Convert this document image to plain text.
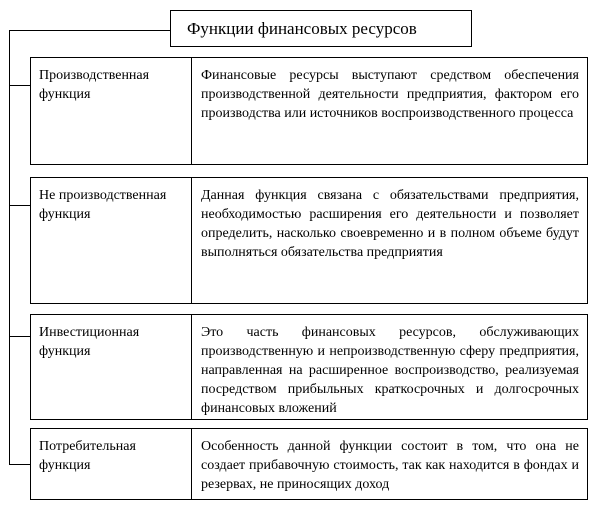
Функции финансовых ресурсов
Производственная функция
Финансовые ресурсы выступают средством обеспечения производственной деятельности предприятия, фактором его производства или источников воспроизводственного процесса
Не производственная функция
Данная функция связана с обязательствами предприятия, необходимостью расширения его деятельности и позволяет определить, насколько своевременно и в полном объеме будут выполняться обязательства предприятия
Инвестиционная функция
Это часть финансовых ресурсов, обслуживающих производственную и непроизводственную сферу предприятия, направленная на расширенное воспроизводство, реализуемая посредством прибыльных краткосрочных и долгосрочных финансовых вложений
Потребительная функция
Особенность данной функции состоит в том, что она не создает прибавочную стоимость, так как находится в фондах и резервах, не приносящих доход
